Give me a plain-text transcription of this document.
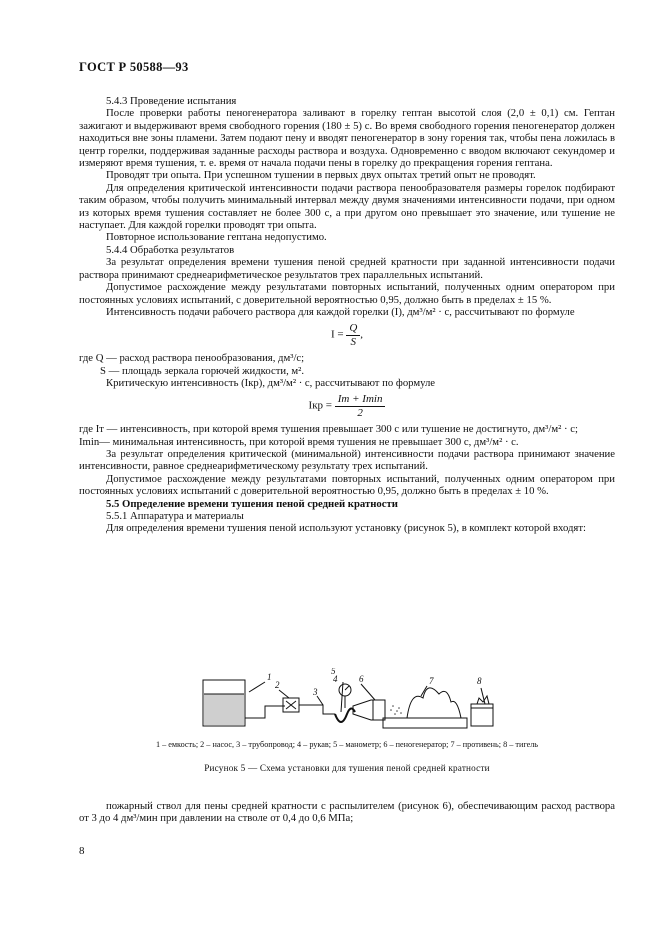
ГОСТ Р 50588—93

5.4.3 Проведение испытания

После проверки работы пеногенератора заливают в горелку гептан высотой слоя (2,0 ± 0,1) см. Гептан зажигают и выдерживают время свободного горения (180 ± 5) с. Во время свободного горения пеногенератор должен находиться вне зоны пламени. Затем подают пену и вводят пеногенератор в зону горения так, чтобы пена ложилась в центр горелки, поддерживая заданные расходы раствора и воздуха. Одновременно с вводом включают секундомер и измеряют время тушения, т. е. время от начала подачи пены в горелку до прекращения горения гептана.

Проводят три опыта. При успешном тушении в первых двух опытах третий опыт не проводят.

Для определения критической интенсивности подачи раствора пенообразователя размеры горелок подбирают таким образом, чтобы получить минимальный интервал между двумя значениями интенсивности подачи, при одном из которых время тушения составляет не более 300 с, а при другом оно превышает это значение, или тушение не наступает. Для каждой горелки проводят три опыта.

Повторное использование гептана недопустимо.

5.4.4 Обработка результатов

За результат определения времени тушения пеной средней кратности при заданной интенсивности подачи раствора принимают среднеарифметическое результатов трех параллельных испытаний.

Допустимое расхождение между результатами повторных испытаний, полученных одним оператором при постоянных условиях испытаний, с доверительной вероятностью 0,95, должно быть в пределах ± 15 %.

Интенсивность подачи рабочего раствора для каждой горелки (I), дм³/м² · с, рассчитывают по формуле

$I = \frac{Q}{S}$ ,

где Q — расход раствора пенообразования, дм³/с;

S — площадь зеркала горючей жидкости, м².

Критическую интенсивность (Iкр), дм³/м² · с, рассчитывают по формуле

Iкр = $\frac{Iт + Imin}{2}$

где Iт — интенсивность, при которой время тушения превышает 300 с или тушение не достигнуто, дм³/м² · с;

Imin— минимальная интенсивность, при которой время тушения не превышает 300 с, дм³/м² · с.

За результат определения критической (минимальной) интенсивности подачи раствора принимают значение интенсивности, равное среднеарифметическому результату трех испытаний.

Допустимое расхождение между результатами повторных испытаний, полученных одним оператором при постоянных условиях испытаний с доверительной вероятностью 0,95, должно быть в пределах ± 10 %.

5.5 Определение времени тушения пеной средней кратности

5.5.1 Аппаратура и материалы

Для определения времени тушения пеной используют установку (рисунок 5), в комплект которой входят:

1
2
3
4
5
6	7	8
1 – емкость; 2 – насос, 3 – трубопровод; 4 – рукав; 5 – манометр; 6 – пеногенератор; 7 – противень; 8 – тигель
Рисунок 5 — Схема установки для тушения пеной средней кратности

пожарный ствол для пены средней кратности с распылителем (рисунок 6), обеспечивающим расход раствора от 3 до 4 дм³/мин при давлении на стволе от 0,4 до 0,6 МПа;

8
